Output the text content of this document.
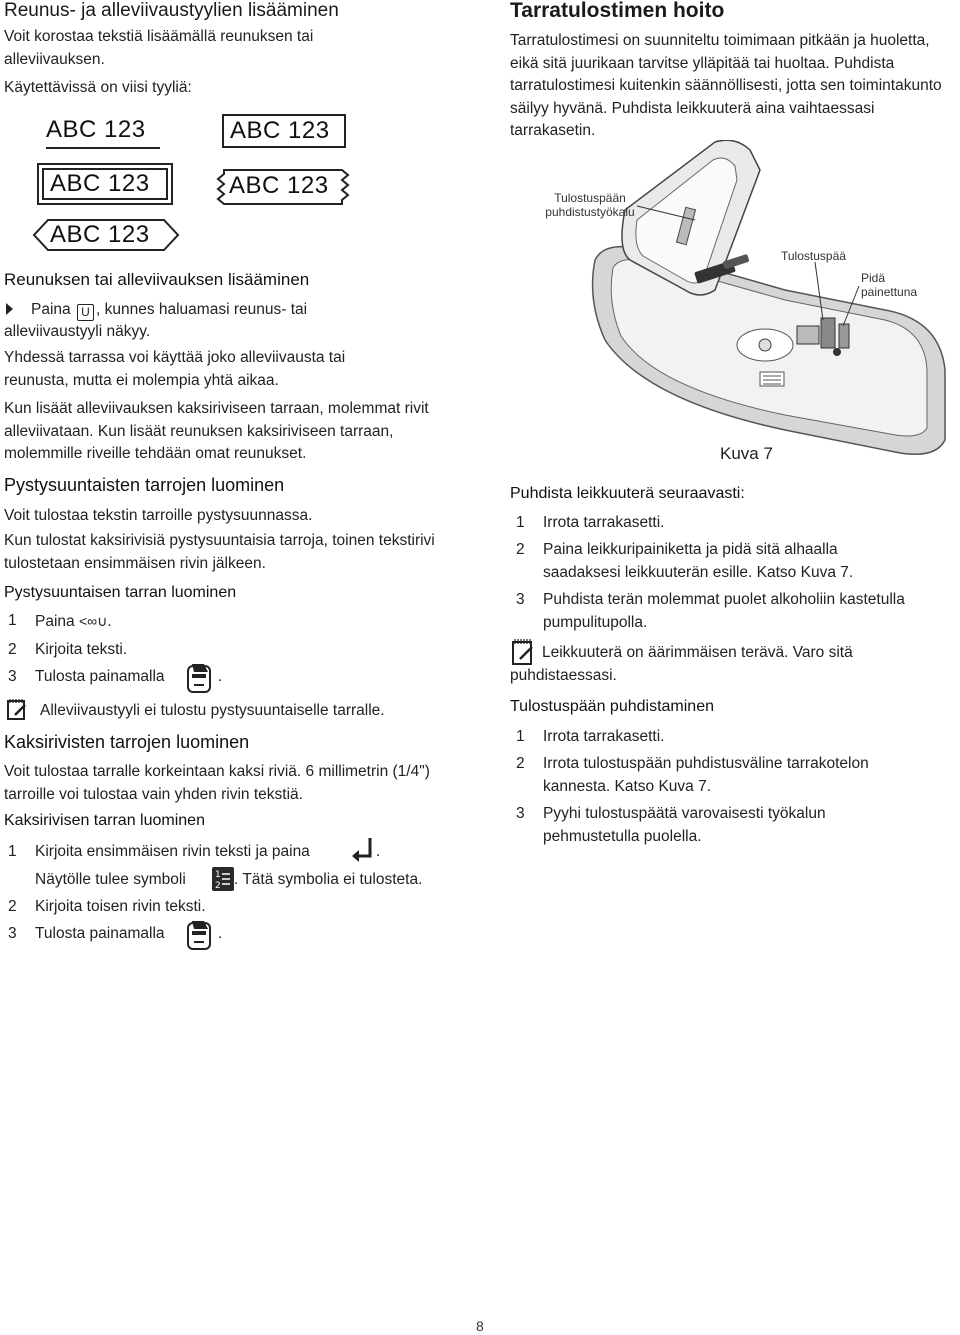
Reunus- ja alleviivaustyylien lisääminen

Voit korostaa tekstiä lisäämällä reunuksen tai alleviivauksen.

Käytettävissä on viisi tyyliä:

ABC 123	ABC 123
ABC 123	ABC 123
ABC 123
Reunuksen tai alleviivauksen lisääminen

Paina U , kunnes haluamasi reunus- tai

alleviivaustyyli näkyy.

Yhdessä tarrassa voi käyttää joko alleviivausta tai reunusta, mutta ei molempia yhtä aikaa.

Kun lisäät alleviivauksen kaksiriviseen tarraan, molemmat rivit alleviivataan. Kun lisäät reunuksen kaksiriviseen tarraan, molemmille riveille tehdään omat reunukset.

Pystysuuntaisten tarrojen luominen

Voit tulostaa tekstin tarroille pystysuunnassa.

Kun tulostat kaksirivisiä pystysuuntaisia tarroja, toinen tekstirivi tulostetaan ensimmäisen rivin jälkeen.

Pystysuuntaisen tarran luominen
1	Paina <∞∪.
2	Kirjoita teksti.
3	Tulosta painamalla	.

Alleviivaustyyli ei tulostu pystysuuntaiselle tarralle.

Kaksirivisten tarrojen luominen

Voit tulostaa tarralle korkeintaan kaksi riviä. 6 millimetrin (1/4") tarroille voi tulostaa vain yhden rivin tekstiä.

Kaksirivisen tarran luominen
1	Kirjoita ensimmäisen rivin teksti ja paina	.

Näytölle tulee symboli	1
2 . Tätä symbolia ei tulosteta.

2	Kirjoita toisen rivin teksti.
3	Tulosta painamalla	.
Tarratulostimen hoito

Tarratulostimesi on suunniteltu toimimaan pitkään ja huoletta, eikä sitä juurikaan tarvitse ylläpitää tai huoltaa. Puhdista tarratulostimesi kuitenkin säännöllisesti, jotta sen toimintakunto säilyy hyvänä. Puhdista leikkuuterä aina vaihtaessasi tarrakasetin.

Tulostuspään puhdistustyökalu
Tulostuspää
Pidä painettuna
Kuva 7
Puhdista leikkuuterä seuraavasti:
1	Irrota tarrakasetti.
2	Paina leikkuripainiketta ja pidä sitä alhaalla saadaksesi leikkuuterän esille. Katso Kuva 7.
3	Puhdista terän molemmat puolet alkoholiin kastetulla pumpulitupolla.

Leikkuuterä on äärimmäisen terävä. Varo sitä puhdistaessasi.

Tulostuspään puhdistaminen
1	Irrota tarrakasetti.
2	Irrota tulostuspään puhdistusväline tarrakotelon kannesta. Katso Kuva 7.
3	Pyyhi tulostuspäätä varovaisesti työkalun pehmustetulla puolella.
8
